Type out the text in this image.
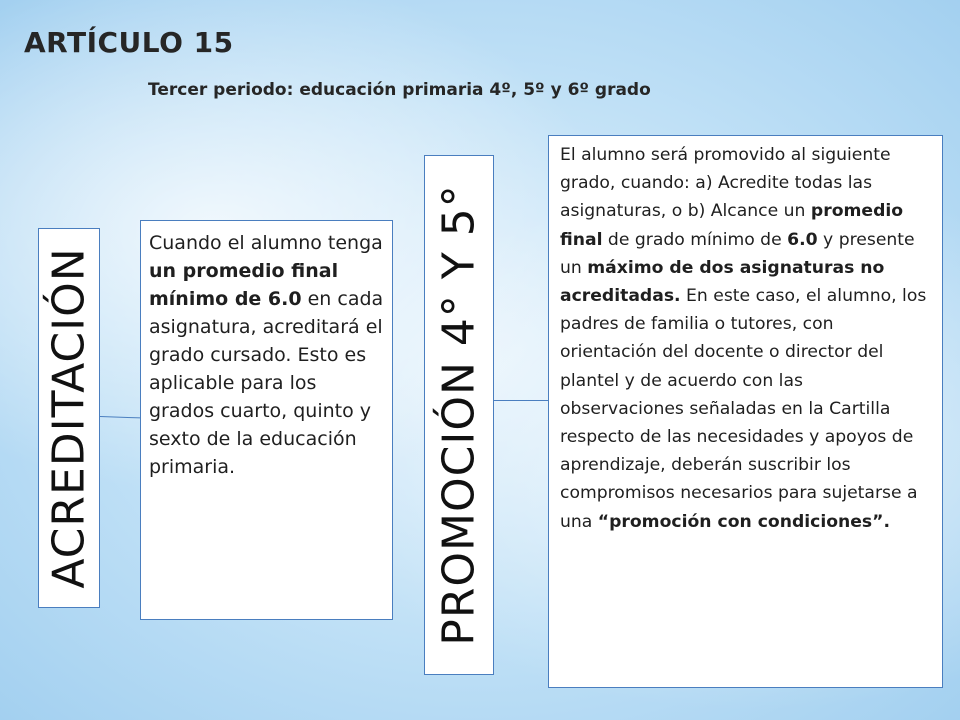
ARTÍCULO 15
Tercer periodo: educación primaria 4º, 5º y 6º grado
ACREDITACIÓN

Cuando el alumno tenga un promedio final mínimo de 6.0 en cada asignatura, acreditará el grado cursado. Esto es aplicable para los grados cuarto, quinto y sexto de la educación primaria.	PROMOCIÓN 4° Y 5°

El alumno será promovido al siguiente grado, cuando: a) Acredite todas las asignaturas, o b) Alcance un promedio final de grado mínimo de 6.0 y presente un máximo de dos asignaturas no acreditadas. En este caso, el alumno, los padres de familia o tutores, con orientación del docente o director del plantel y de acuerdo con las observaciones señaladas en la Cartilla respecto de las necesidades y apoyos de aprendizaje, deberán suscribir los compromisos necesarios para sujetarse a una “promoción con condiciones”.
